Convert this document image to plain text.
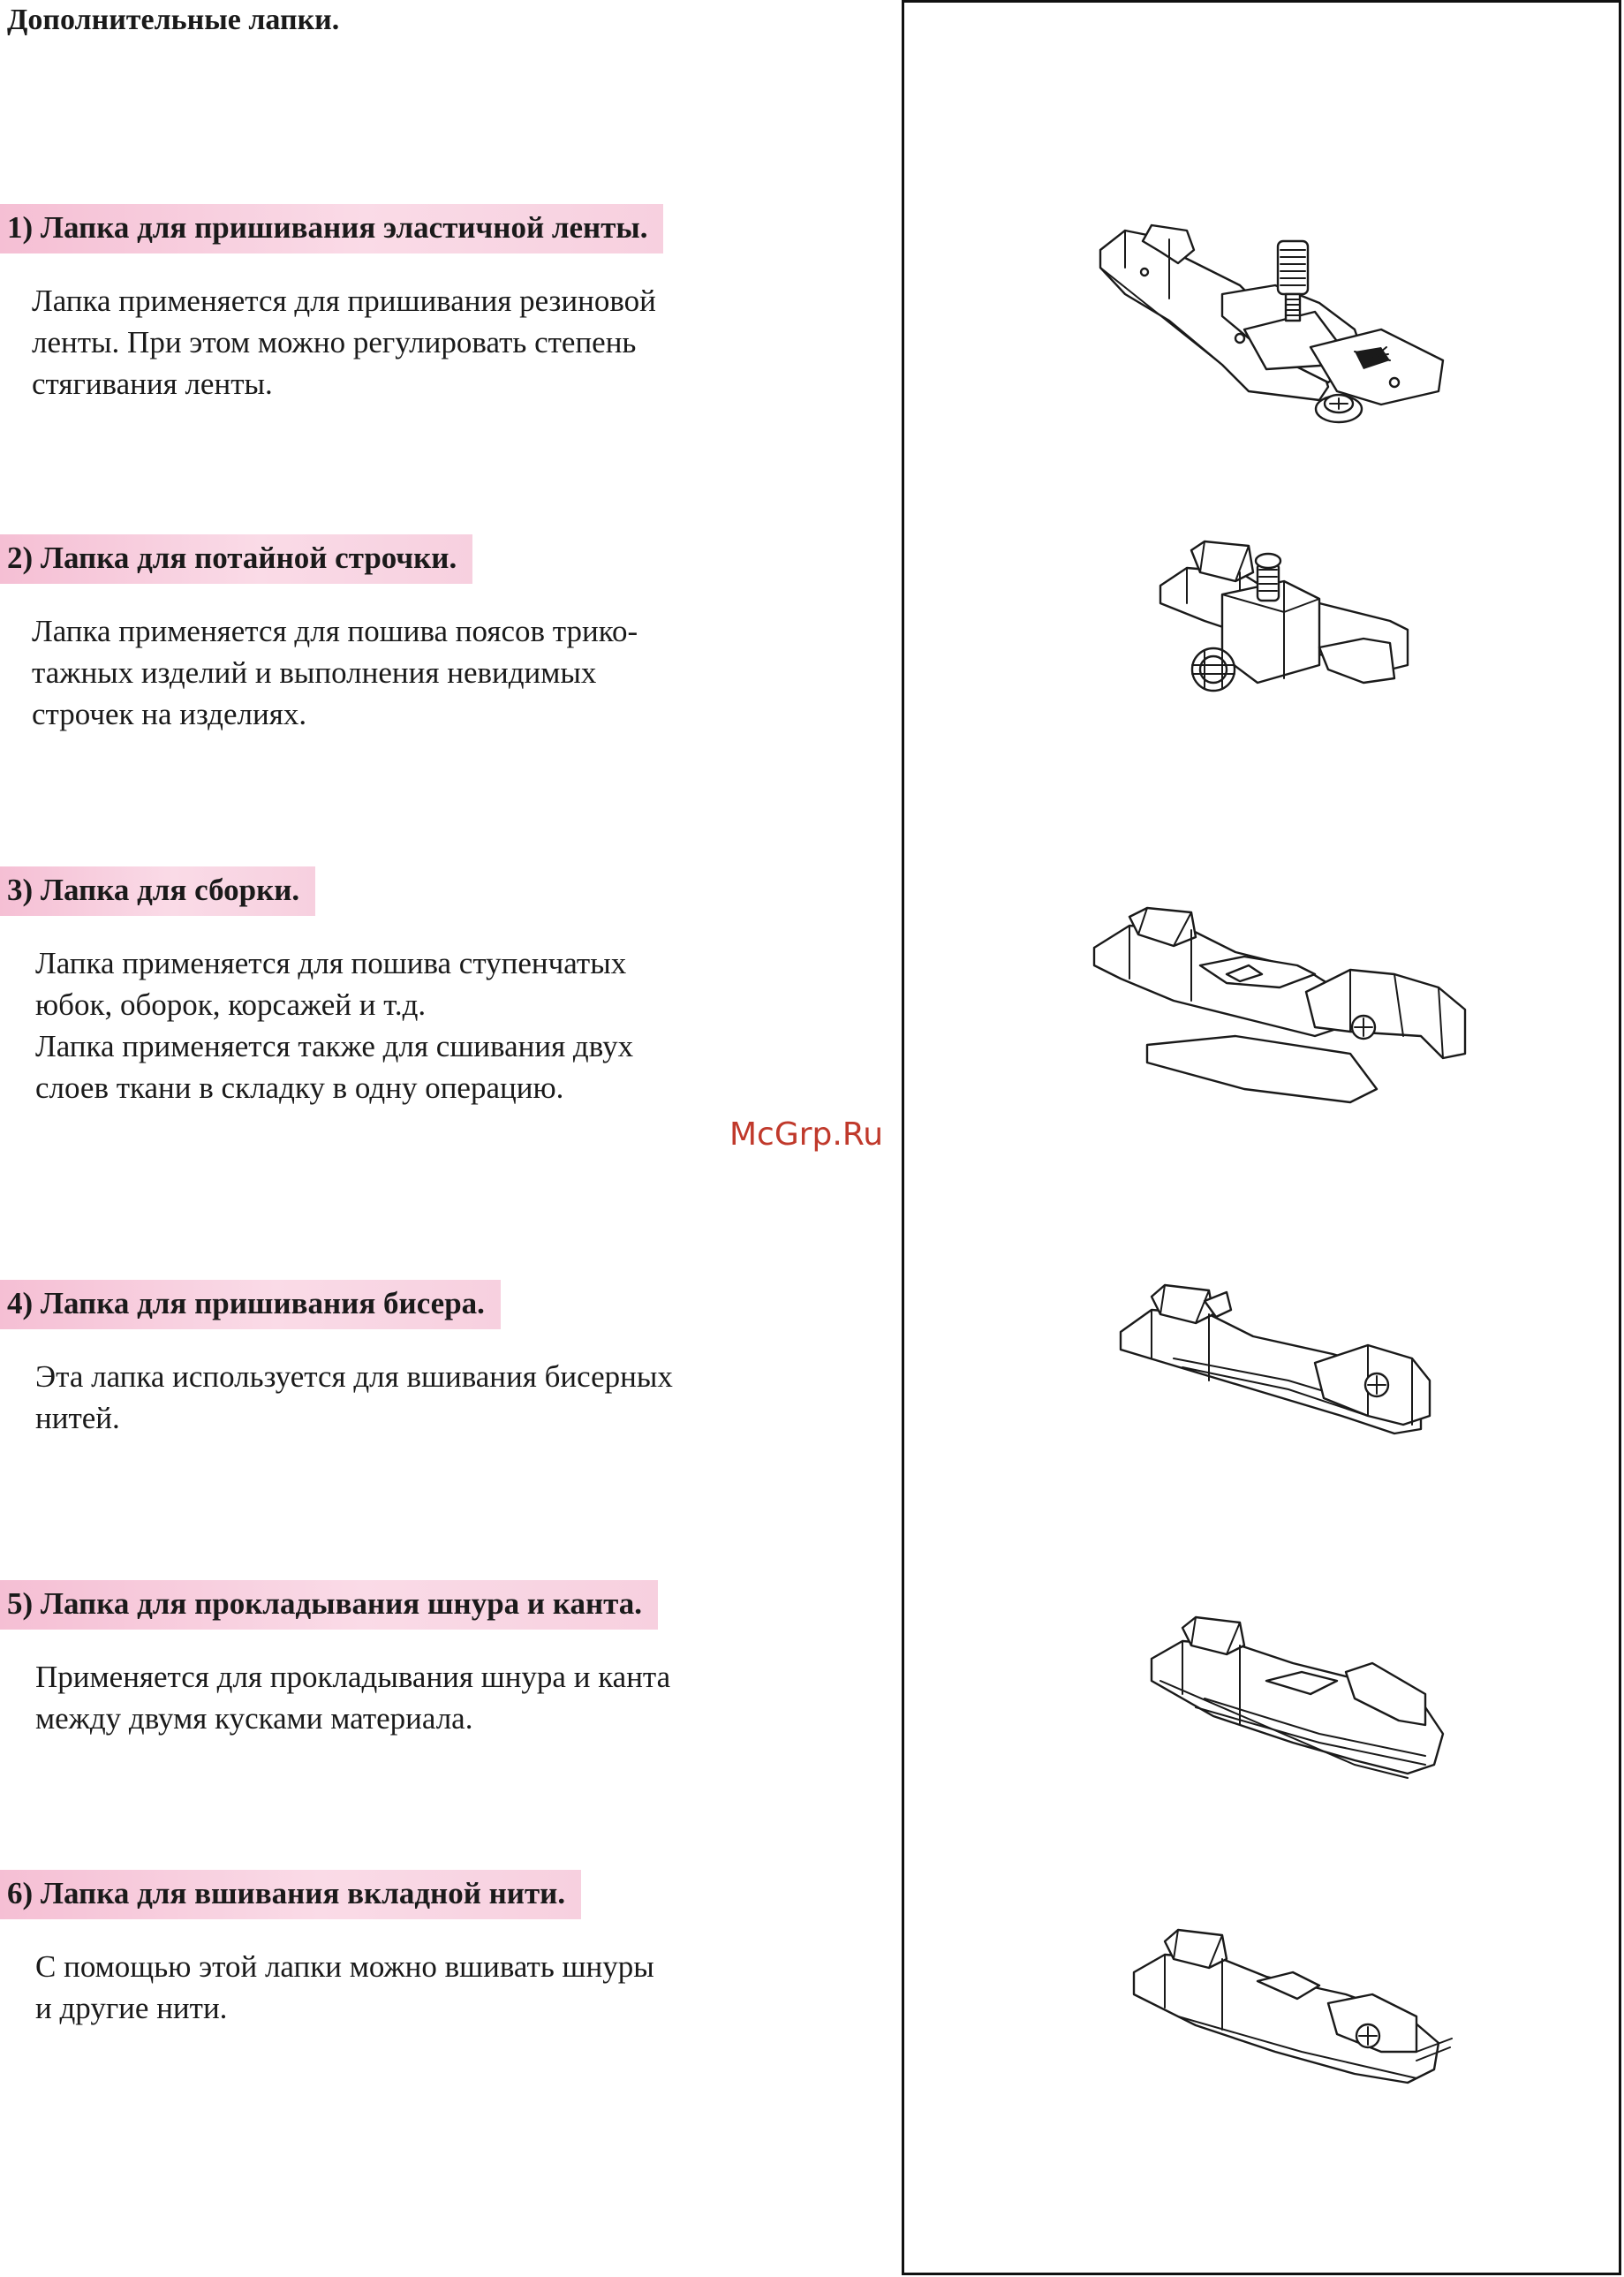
Дополнительные лапки.
1) Лапка для пришивания эластичной ленты.

Лапка применяется для пришивания резиновой
ленты. При этом можно регулировать степень
стягивания ленты.

2) Лапка для потайной строчки.

Лапка применяется для пошива поясов трико-
тажных изделий и выполнения невидимых
строчек на изделиях.

3) Лапка для сборки.

Лапка применяется для пошива ступенчатых
юбок, оборок, корсажей и т.д.
Лапка применяется также для сшивания двух
слоев ткани в складку в одну операцию.

4) Лапка для пришивания бисера.

Эта лапка используется для вшивания бисерных
нитей.

5) Лапка для прокладывания шнура и канта.

Применяется для прокладывания шнура и канта
между двумя кусками материала.

6) Лапка для вшивания вкладной нити.

С помощью этой лапки можно вшивать шнуры
и другие нити.

McGrp.Ru
